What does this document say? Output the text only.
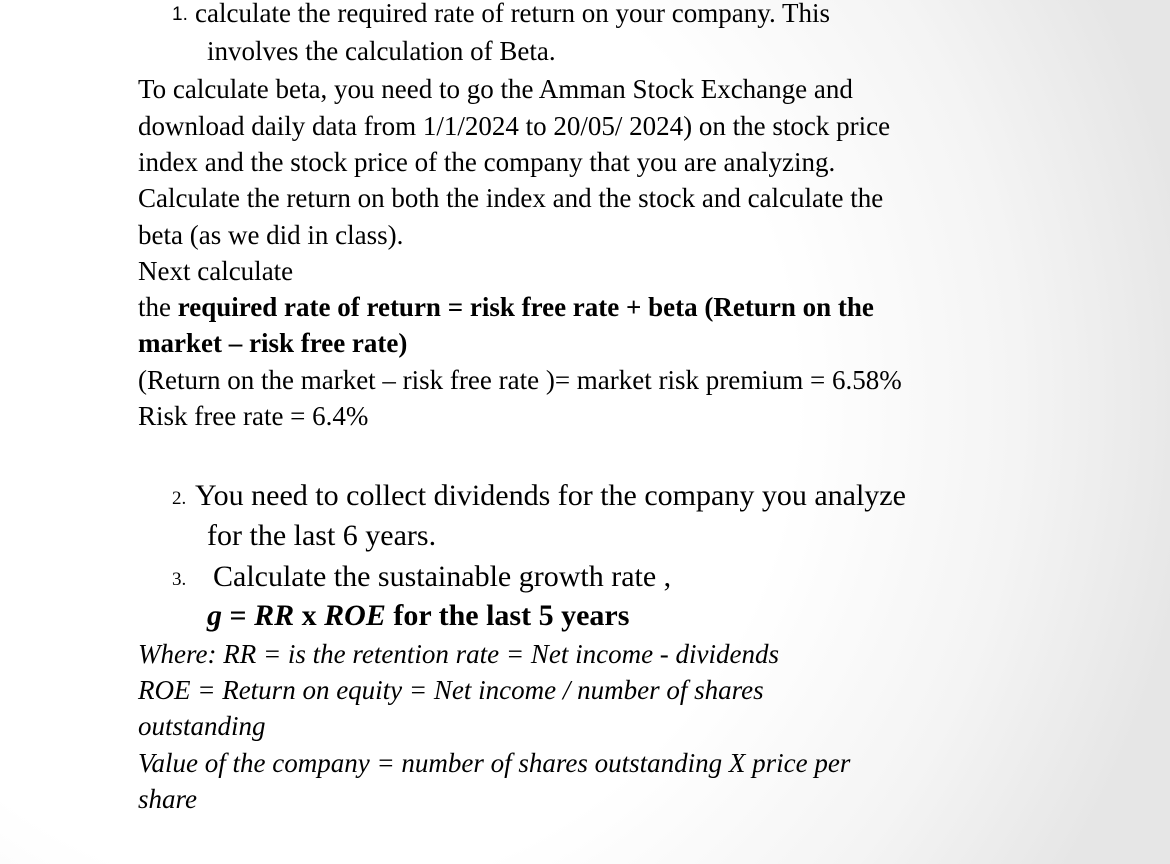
1. calculate the required rate of return on your company. This
involves the calculation of Beta.
To calculate beta, you need to go the Amman Stock Exchange and
download daily data from 1/1/2024 to 20/05/ 2024) on the stock price
index and the stock price of the company that you are analyzing.
Calculate the return on both the index and the stock and calculate the
beta (as we did in class).
Next calculate
the required rate of return = risk free rate + beta (Return on the
market – risk free rate)
(Return on the market – risk free rate )= market risk premium = 6.58%
Risk free rate = 6.4%
2. You need to collect dividends for the company you analyze
for the last 6 years.
3. Calculate the sustainable growth rate ,
g = RR x ROE for the last 5 years
Where: RR = is the retention rate = Net income - dividends
ROE = Return on equity = Net income / number of shares
outstanding
Value of the company = number of shares outstanding X price per
share
